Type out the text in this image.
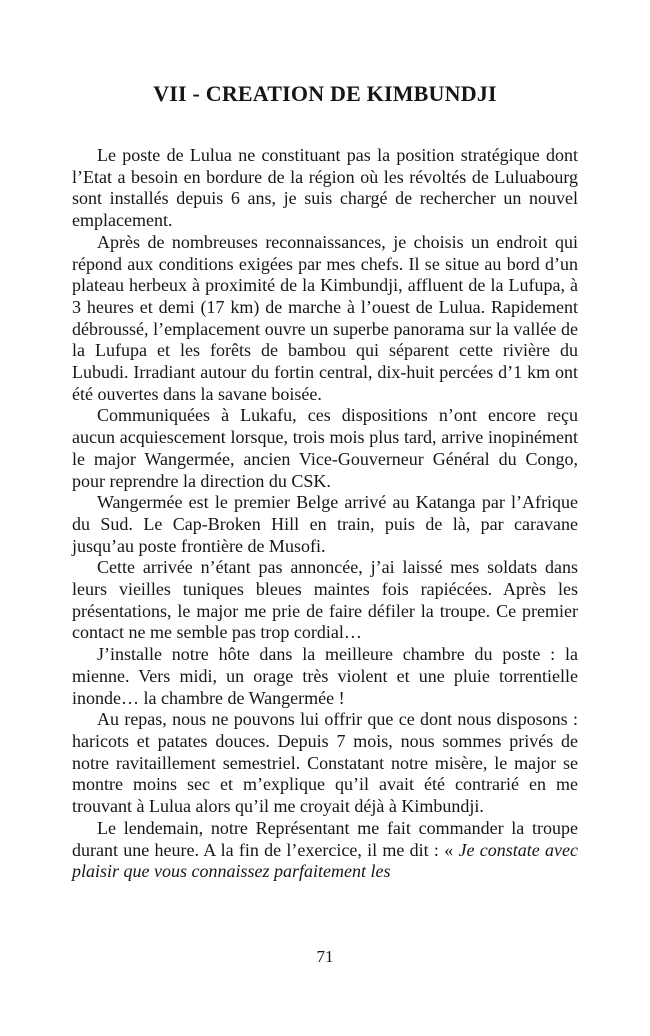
VII - CREATION DE KIMBUNDJI

Le poste de Lulua ne constituant pas la position stratégique dont l’Etat a besoin en bordure de la région où les révoltés de Luluabourg sont installés depuis 6 ans, je suis chargé de rechercher un nouvel emplacement.

Après de nombreuses reconnaissances, je choisis un endroit qui répond aux conditions exigées par mes chefs. Il se situe au bord d’un plateau herbeux à proximité de la Kimbundji, affluent de la Lufupa, à 3 heures et demi (17 km) de marche à l’ouest de Lulua. Rapidement débroussé, l’emplacement ouvre un superbe panorama sur la vallée de la Lufupa et les forêts de bambou qui séparent cette rivière du Lubudi. Irradiant autour du fortin central, dix-huit percées d’1 km ont été ouvertes dans la savane boisée.

Communiquées à Lukafu, ces dispositions n’ont encore reçu aucun acquiescement lorsque, trois mois plus tard, arrive inopinément le major Wangermée, ancien Vice-Gouverneur Général du Congo, pour reprendre la direction du CSK.

Wangermée est le premier Belge arrivé au Katanga par l’Afrique du Sud. Le Cap-Broken Hill en train, puis de là, par caravane jusqu’au poste frontière de Musofi.

Cette arrivée n’étant pas annoncée, j’ai laissé mes soldats dans leurs vieilles tuniques bleues maintes fois rapiécées. Après les présentations, le major me prie de faire défiler la troupe. Ce premier contact ne me semble pas trop cordial…

J’installe notre hôte dans la meilleure chambre du poste : la mienne. Vers midi, un orage très violent et une pluie torrentielle inonde… la chambre de Wangermée !

Au repas, nous ne pouvons lui offrir que ce dont nous disposons : haricots et patates douces. Depuis 7 mois, nous sommes privés de notre ravitaillement semestriel. Constatant notre misère, le major se montre moins sec et m’explique qu’il avait été contrarié en me trouvant à Lulua alors qu’il me croyait déjà à Kimbundji.

Le lendemain, notre Représentant me fait commander la troupe durant une heure. A la fin de l’exercice, il me dit : « Je constate avec plaisir que vous connaissez parfaitement les

71
